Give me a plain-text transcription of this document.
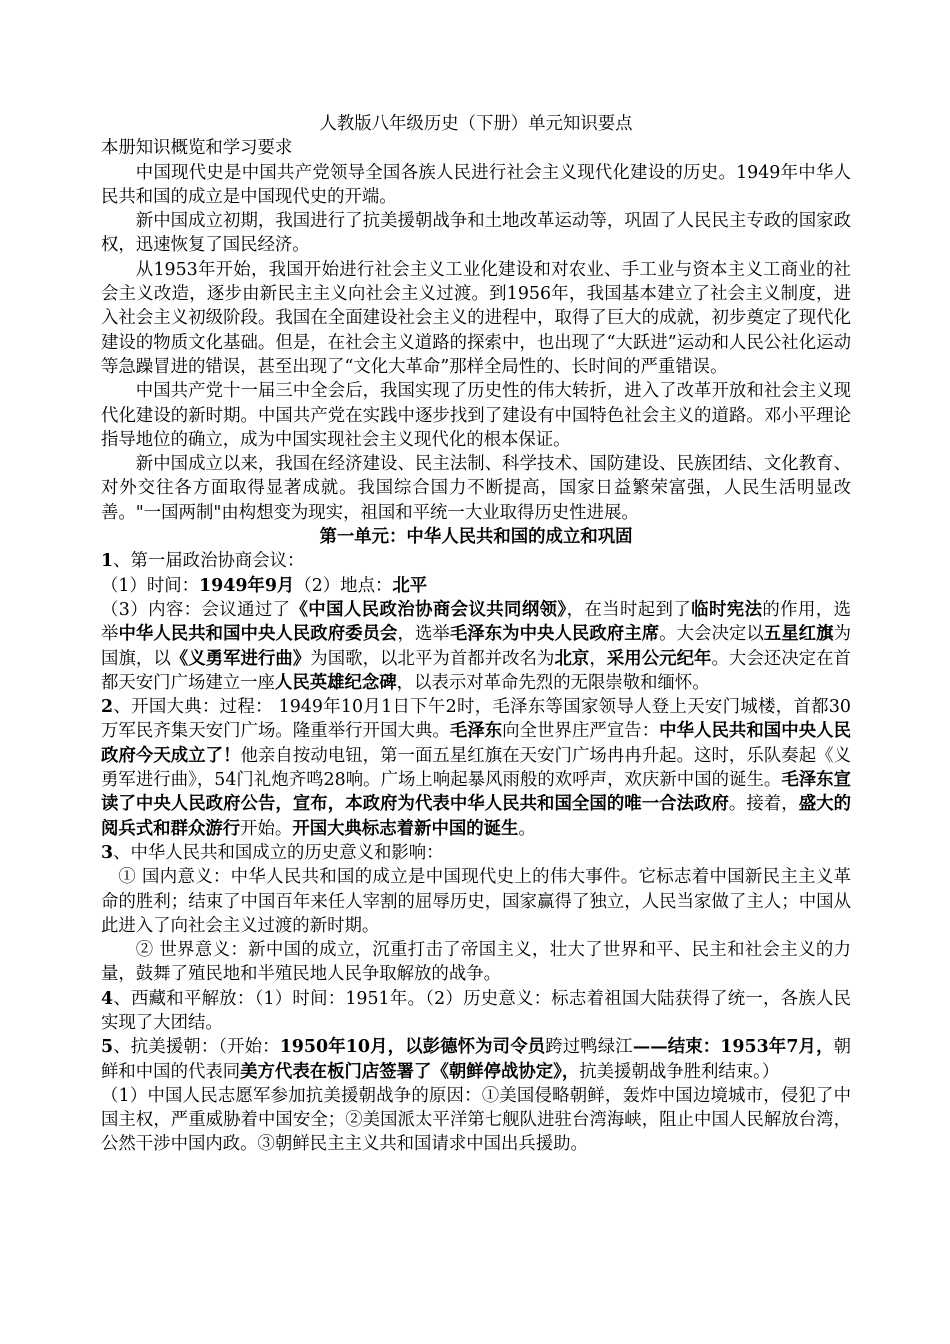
人教版八年级历史（下册）单元知识要点

本册知识概览和学习要求

中国现代史是中国共产党领导全国各族人民进行社会主义现代化建设的历史。1949年中华人民共和国的成立是中国现代史的开端。

新中国成立初期，我国进行了抗美援朝战争和土地改革运动等，巩固了人民民主专政的国家政权，迅速恢复了国民经济。

从1953年开始，我国开始进行社会主义工业化建设和对农业、手工业与资本主义工商业的社会主义改造，逐步由新民主主义向社会主义过渡。到1956年，我国基本建立了社会主义制度，进入社会主义初级阶段。我国在全面建设社会主义的进程中，取得了巨大的成就，初步奠定了现代化建设的物质文化基础。但是，在社会主义道路的探索中，也出现了“大跃进”运动和人民公社化运动等急躁冒进的错误，甚至出现了“文化大革命”那样全局性的、长时间的严重错误。

中国共产党十一届三中全会后，我国实现了历史性的伟大转折，进入了改革开放和社会主义现代化建设的新时期。中国共产党在实践中逐步找到了建设有中国特色社会主义的道路。邓小平理论指导地位的确立，成为中国实现社会主义现代化的根本保证。

新中国成立以来，我国在经济建设、民主法制、科学技术、国防建设、民族团结、文化教育、对外交往各方面取得显著成就。我国综合国力不断提高，国家日益繁荣富强，人民生活明显改善。"一国两制"由构想变为现实，祖国和平统一大业取得历史性进展。

第一单元：中华人民共和国的成立和巩固

1、第一届政治协商会议：

（1）时间：1949年9月（2）地点：北平

（3）内容：会议通过了《中国人民政治协商会议共同纲领》，在当时起到了临时宪法的作用，选举中华人民共和国中央人民政府委员会，选举毛泽东为中央人民政府主席。大会决定以五星红旗为国旗，以《义勇军进行曲》为国歌，以北平为首都并改名为北京，采用公元纪年。大会还决定在首都天安门广场建立一座人民英雄纪念碑，以表示对革命先烈的无限崇敬和缅怀。

2、开国大典：过程： 1949年10月1日下午2时，毛泽东等国家领导人登上天安门城楼，首都30万军民齐集天安门广场。隆重举行开国大典。毛泽东向全世界庄严宣告：中华人民共和国中央人民政府今天成立了！他亲自按动电钮，第一面五星红旗在天安门广场冉冉升起。这时，乐队奏起《义勇军进行曲》，54门礼炮齐鸣28响。广场上响起暴风雨般的欢呼声，欢庆新中国的诞生。毛泽东宣读了中央人民政府公告，宣布，本政府为代表中华人民共和国全国的唯一合法政府。接着，盛大的阅兵式和群众游行开始。开国大典标志着新中国的诞生。

3、中华人民共和国成立的历史意义和影响：

① 国内意义：中华人民共和国的成立是中国现代史上的伟大事件。它标志着中国新民主主义革命的胜利；结束了中国百年来任人宰割的屈辱历史，国家赢得了独立，人民当家做了主人；中国从此进入了向社会主义过渡的新时期。

② 世界意义：新中国的成立，沉重打击了帝国主义，壮大了世界和平、民主和社会主义的力量，鼓舞了殖民地和半殖民地人民争取解放的战争。

4、西藏和平解放：（1）时间：1951年。（2）历史意义：标志着祖国大陆获得了统一，各族人民实现了大团结。

5、抗美援朝：（开始：1950年10月，以彭德怀为司令员跨过鸭绿江——结束：1953年7月，朝鲜和中国的代表同美方代表在板门店签署了《朝鲜停战协定》，抗美援朝战争胜利结束。）

（1）中国人民志愿军参加抗美援朝战争的原因：①美国侵略朝鲜，轰炸中国边境城市，侵犯了中国主权，严重威胁着中国安全；②美国派太平洋第七舰队进驻台湾海峡，阻止中国人民解放台湾，公然干涉中国内政。③朝鲜民主主义共和国请求中国出兵援助。
